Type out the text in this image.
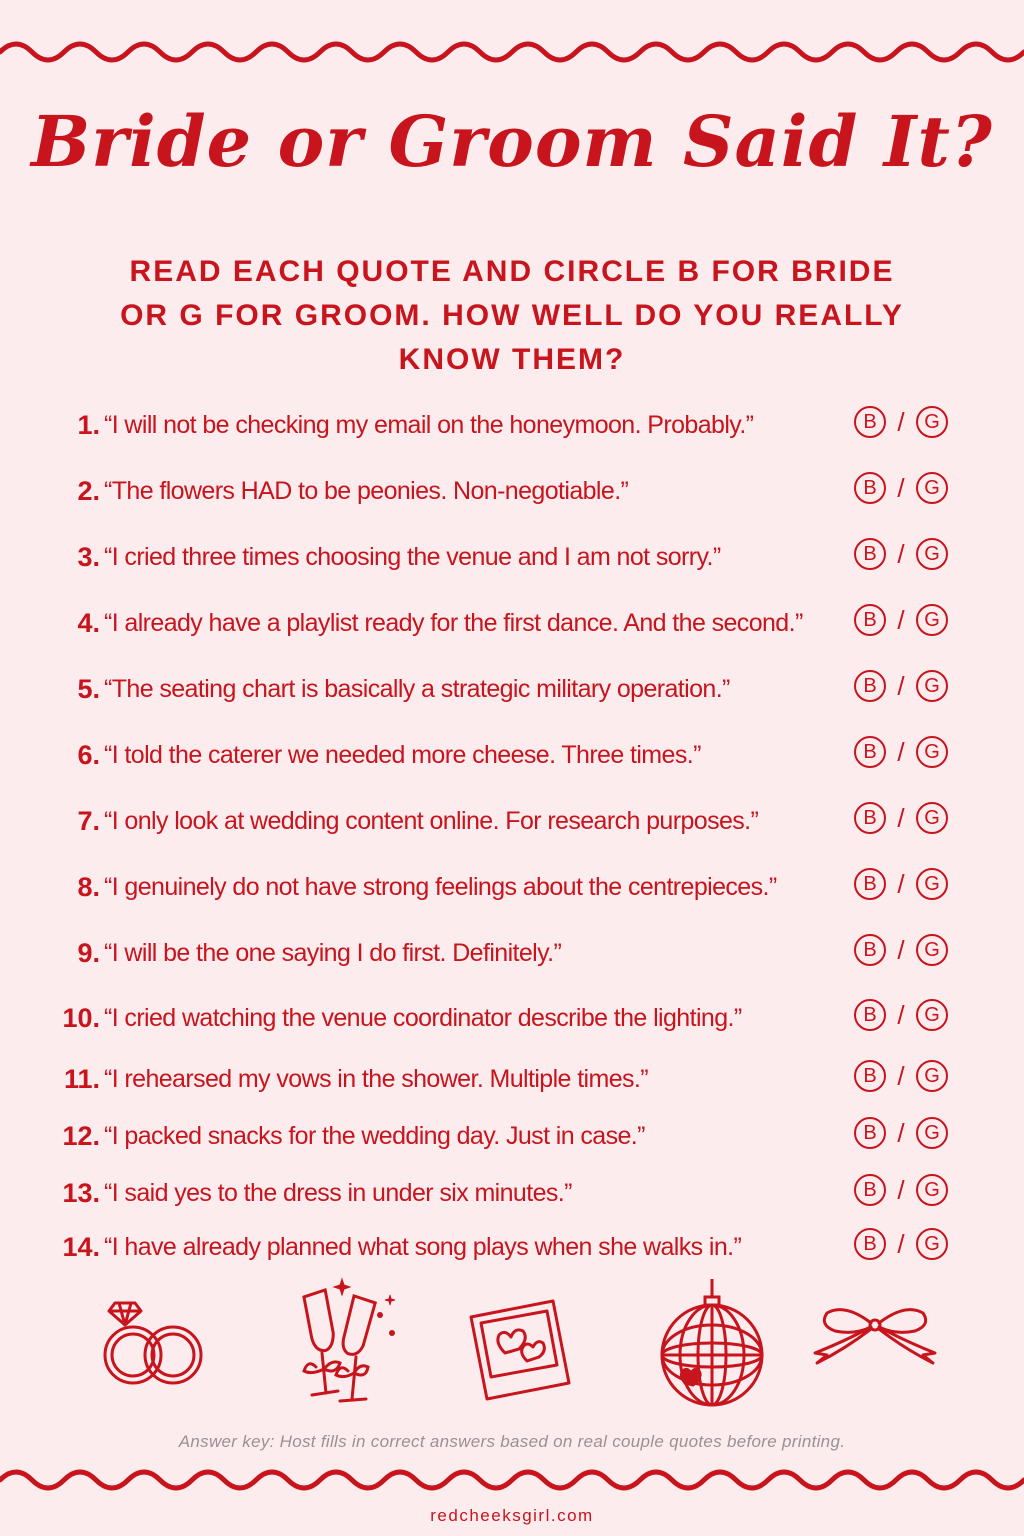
Bride or Groom Said It?

READ EACH QUOTE AND CIRCLE B FOR BRIDE OR G FOR GROOM. HOW WELL DO YOU REALLY KNOW THEM?

1. “I will not be checking my email on the honeymoon. Probably.”	B / G
2. “The flowers HAD to be peonies. Non-negotiable.”	B / G
3. “I cried three times choosing the venue and I am not sorry.”	B / G
4. “I already have a playlist ready for the first dance. And the second.”	B / G
5. “The seating chart is basically a strategic military operation.”	B / G
6. “I told the caterer we needed more cheese. Three times.”	B / G
7. “I only look at wedding content online. For research purposes.”	B / G
8. “I genuinely do not have strong feelings about the centrepieces.”	B / G
9. “I will be the one saying I do first. Definitely.”	B / G
10. “I cried watching the venue coordinator describe the lighting.”	B / G
11. “I rehearsed my vows in the shower. Multiple times.”	B / G
12. “I packed snacks for the wedding day. Just in case.”	B / G
13. “I said yes to the dress in under six minutes.”	B / G
14. “I have already planned what song plays when she walks in.”	B / G
Answer key: Host fills in correct answers based on real couple quotes before printing.
redcheeksgirl.com
